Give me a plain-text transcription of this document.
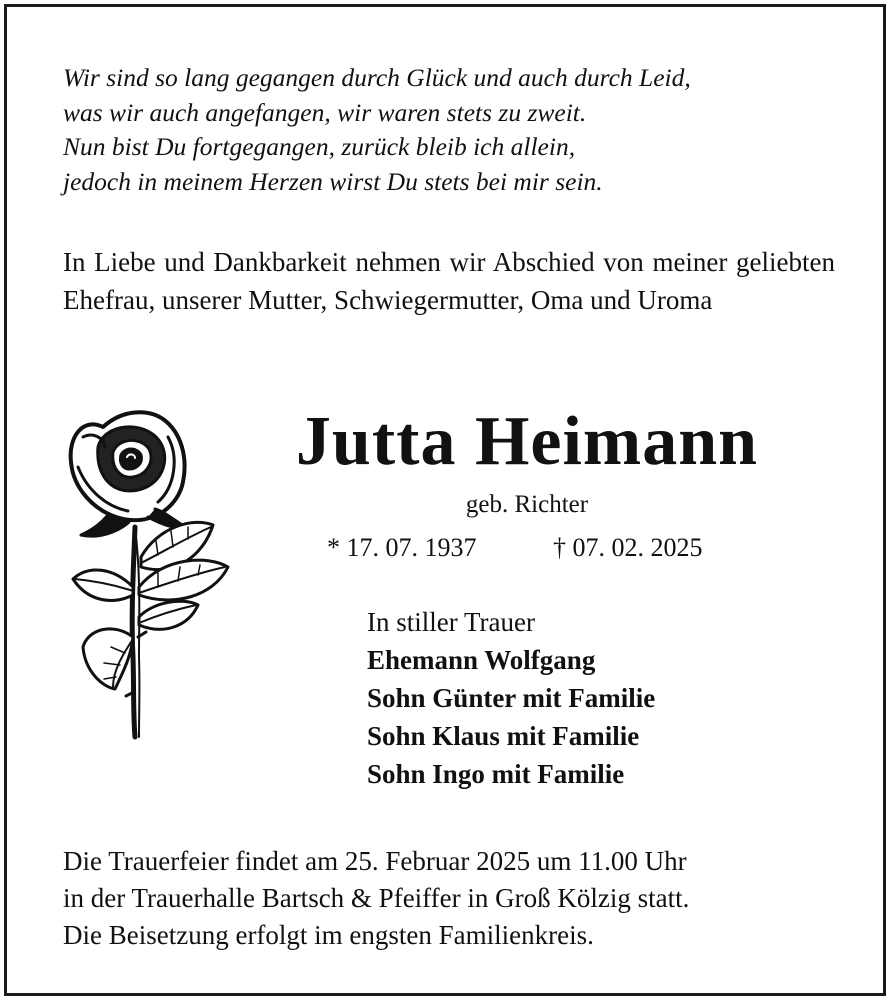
Wir sind so lang gegangen durch Glück und auch durch Leid,
was wir auch angefangen, wir waren stets zu zweit.
Nun bist Du fortgegangen, zurück bleib ich allein,
jedoch in meinem Herzen wirst Du stets bei mir sein.
In Liebe und Dankbarkeit nehmen wir Abschied von meiner geliebten Ehefrau, unserer Mutter, Schwiegermutter, Oma und Uroma
Jutta Heimann
geb. Richter
* 17. 07. 1937	† 07. 02. 2025
In stiller Trauer
Ehemann Wolfgang
Sohn Günter mit Familie
Sohn Klaus mit Familie
Sohn Ingo mit Familie
Die Trauerfeier findet am 25. Februar 2025 um 11.00 Uhr
in der Trauerhalle Bartsch & Pfeiffer in Groß Kölzig statt.
Die Beisetzung erfolgt im engsten Familienkreis.
